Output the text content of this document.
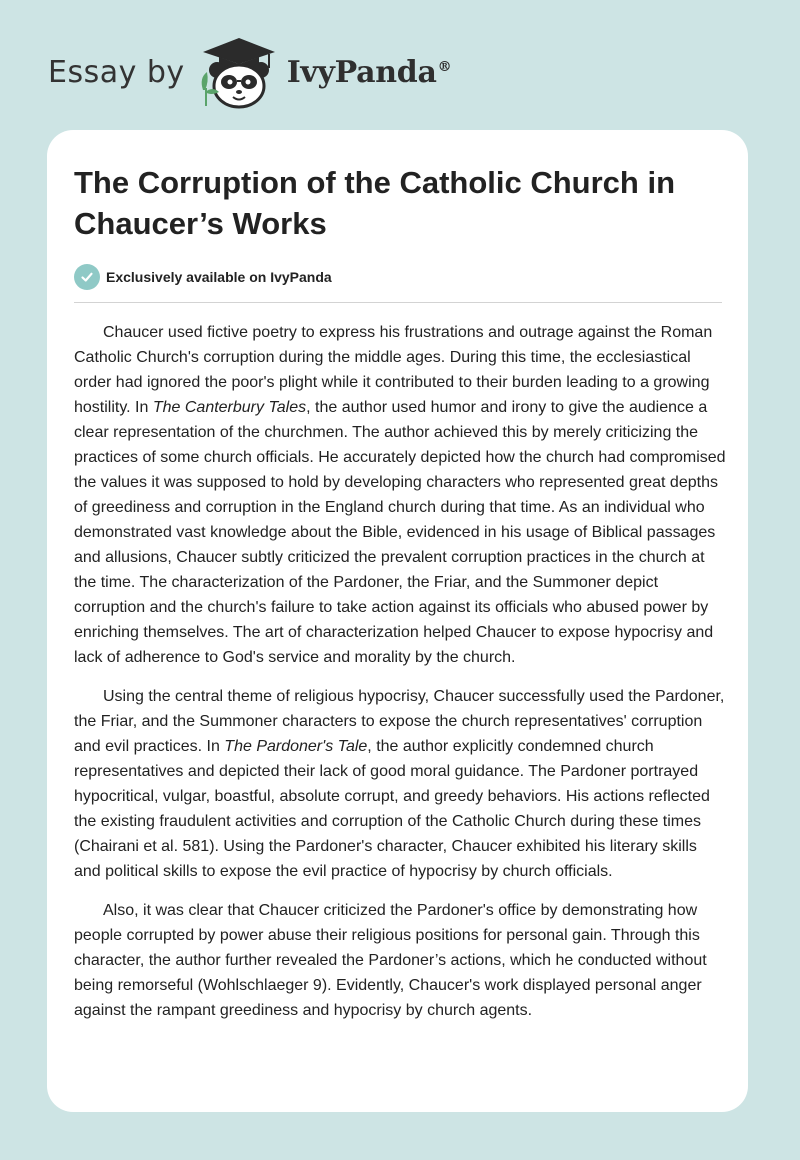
Essay by	IvyPanda®
The Corruption of the Catholic Church in Chaucer’s Works
Exclusively available on IvyPanda

Chaucer used fictive poetry to express his frustrations and outrage against the Roman Catholic Church's corruption during the middle ages. During this time, the ecclesiastical order had ignored the poor's plight while it contributed to their burden leading to a growing hostility. In The Canterbury Tales, the author used humor and irony to give the audience a clear representation of the churchmen. The author achieved this by merely criticizing the practices of some church officials. He accurately depicted how the church had compromised the values it was supposed to hold by developing characters who represented great depths of greediness and corruption in the England church during that time. As an individual who demonstrated vast knowledge about the Bible, evidenced in his usage of Biblical passages and allusions, Chaucer subtly criticized the prevalent corruption practices in the church at the time. The characterization of the Pardoner, the Friar, and the Summoner depict corruption and the church's failure to take action against its officials who abused power by enriching themselves. The art of characterization helped Chaucer to expose hypocrisy and lack of adherence to God's service and morality by the church.

Using the central theme of religious hypocrisy, Chaucer successfully used the Pardoner, the Friar, and the Summoner characters to expose the church representatives' corruption and evil practices. In The Pardoner's Tale, the author explicitly condemned church representatives and depicted their lack of good moral guidance. The Pardoner portrayed hypocritical, vulgar, boastful, absolute corrupt, and greedy behaviors. His actions reflected the existing fraudulent activities and corruption of the Catholic Church during these times (Chairani et al. 581). Using the Pardoner's character, Chaucer exhibited his literary skills and political skills to expose the evil practice of hypocrisy by church officials.

Also, it was clear that Chaucer criticized the Pardoner's office by demonstrating how people corrupted by power abuse their religious positions for personal gain. Through this character, the author further revealed the Pardoner’s actions, which he conducted without being remorseful (Wohlschlaeger 9). Evidently, Chaucer's work displayed personal anger against the rampant greediness and hypocrisy by church agents.
